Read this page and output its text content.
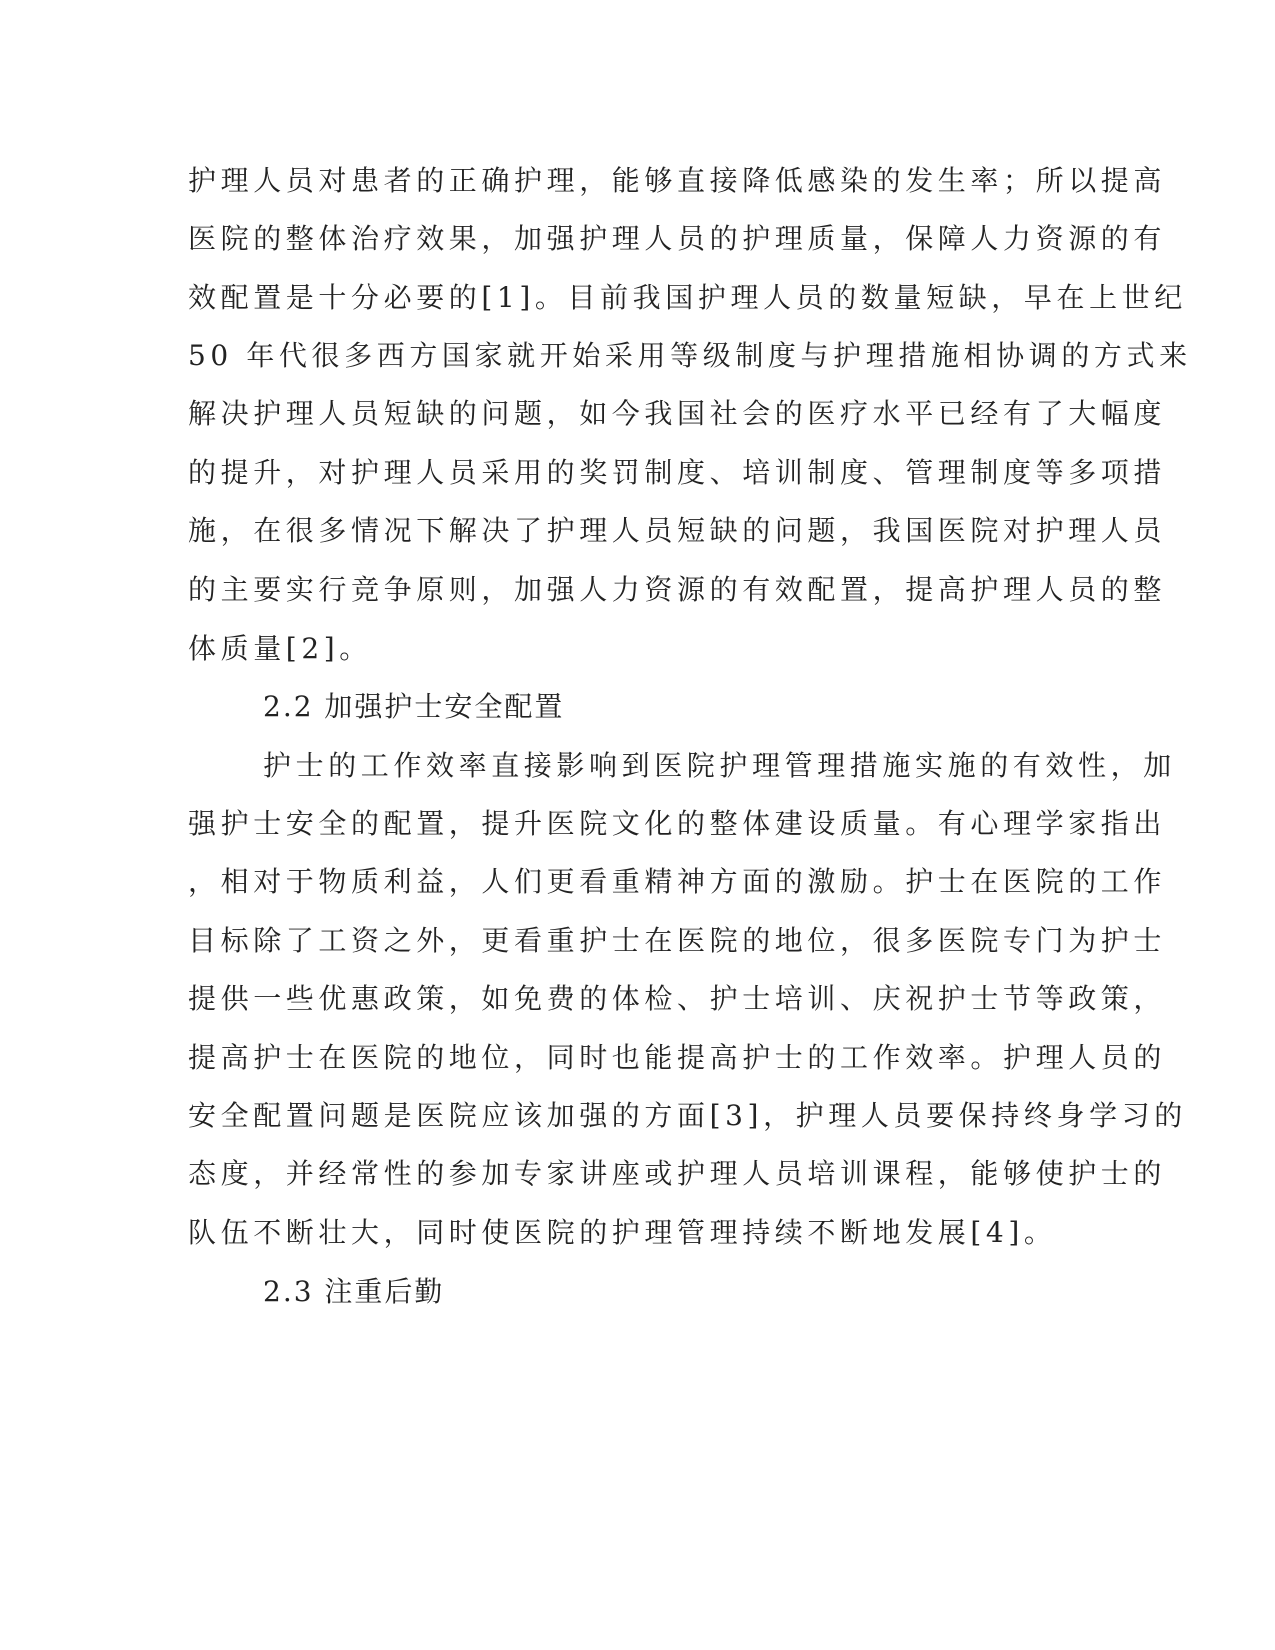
护理人员对患者的正确护理，能够直接降低感染的发生率；所以提高
医院的整体治疗效果，加强护理人员的护理质量，保障人力资源的有
效配置是十分必要的[1]。目前我国护理人员的数量短缺，早在上世纪
50 年代很多西方国家就开始采用等级制度与护理措施相协调的方式来
解决护理人员短缺的问题，如今我国社会的医疗水平已经有了大幅度
的提升，对护理人员采用的奖罚制度、培训制度、管理制度等多项措
施，在很多情况下解决了护理人员短缺的问题，我国医院对护理人员
的主要实行竞争原则，加强人力资源的有效配置，提高护理人员的整
体质量[2]。
2.2 加强护士安全配置
护士的工作效率直接影响到医院护理管理措施实施的有效性，加
强护士安全的配置，提升医院文化的整体建设质量。有心理学家指出
，相对于物质利益，人们更看重精神方面的激励。护士在医院的工作
目标除了工资之外，更看重护士在医院的地位，很多医院专门为护士
提供一些优惠政策，如免费的体检、护士培训、庆祝护士节等政策，
提高护士在医院的地位，同时也能提高护士的工作效率。护理人员的
安全配置问题是医院应该加强的方面[3]，护理人员要保持终身学习的
态度，并经常性的参加专家讲座或护理人员培训课程，能够使护士的
队伍不断壮大，同时使医院的护理管理持续不断地发展[4]。
2.3 注重后勤
